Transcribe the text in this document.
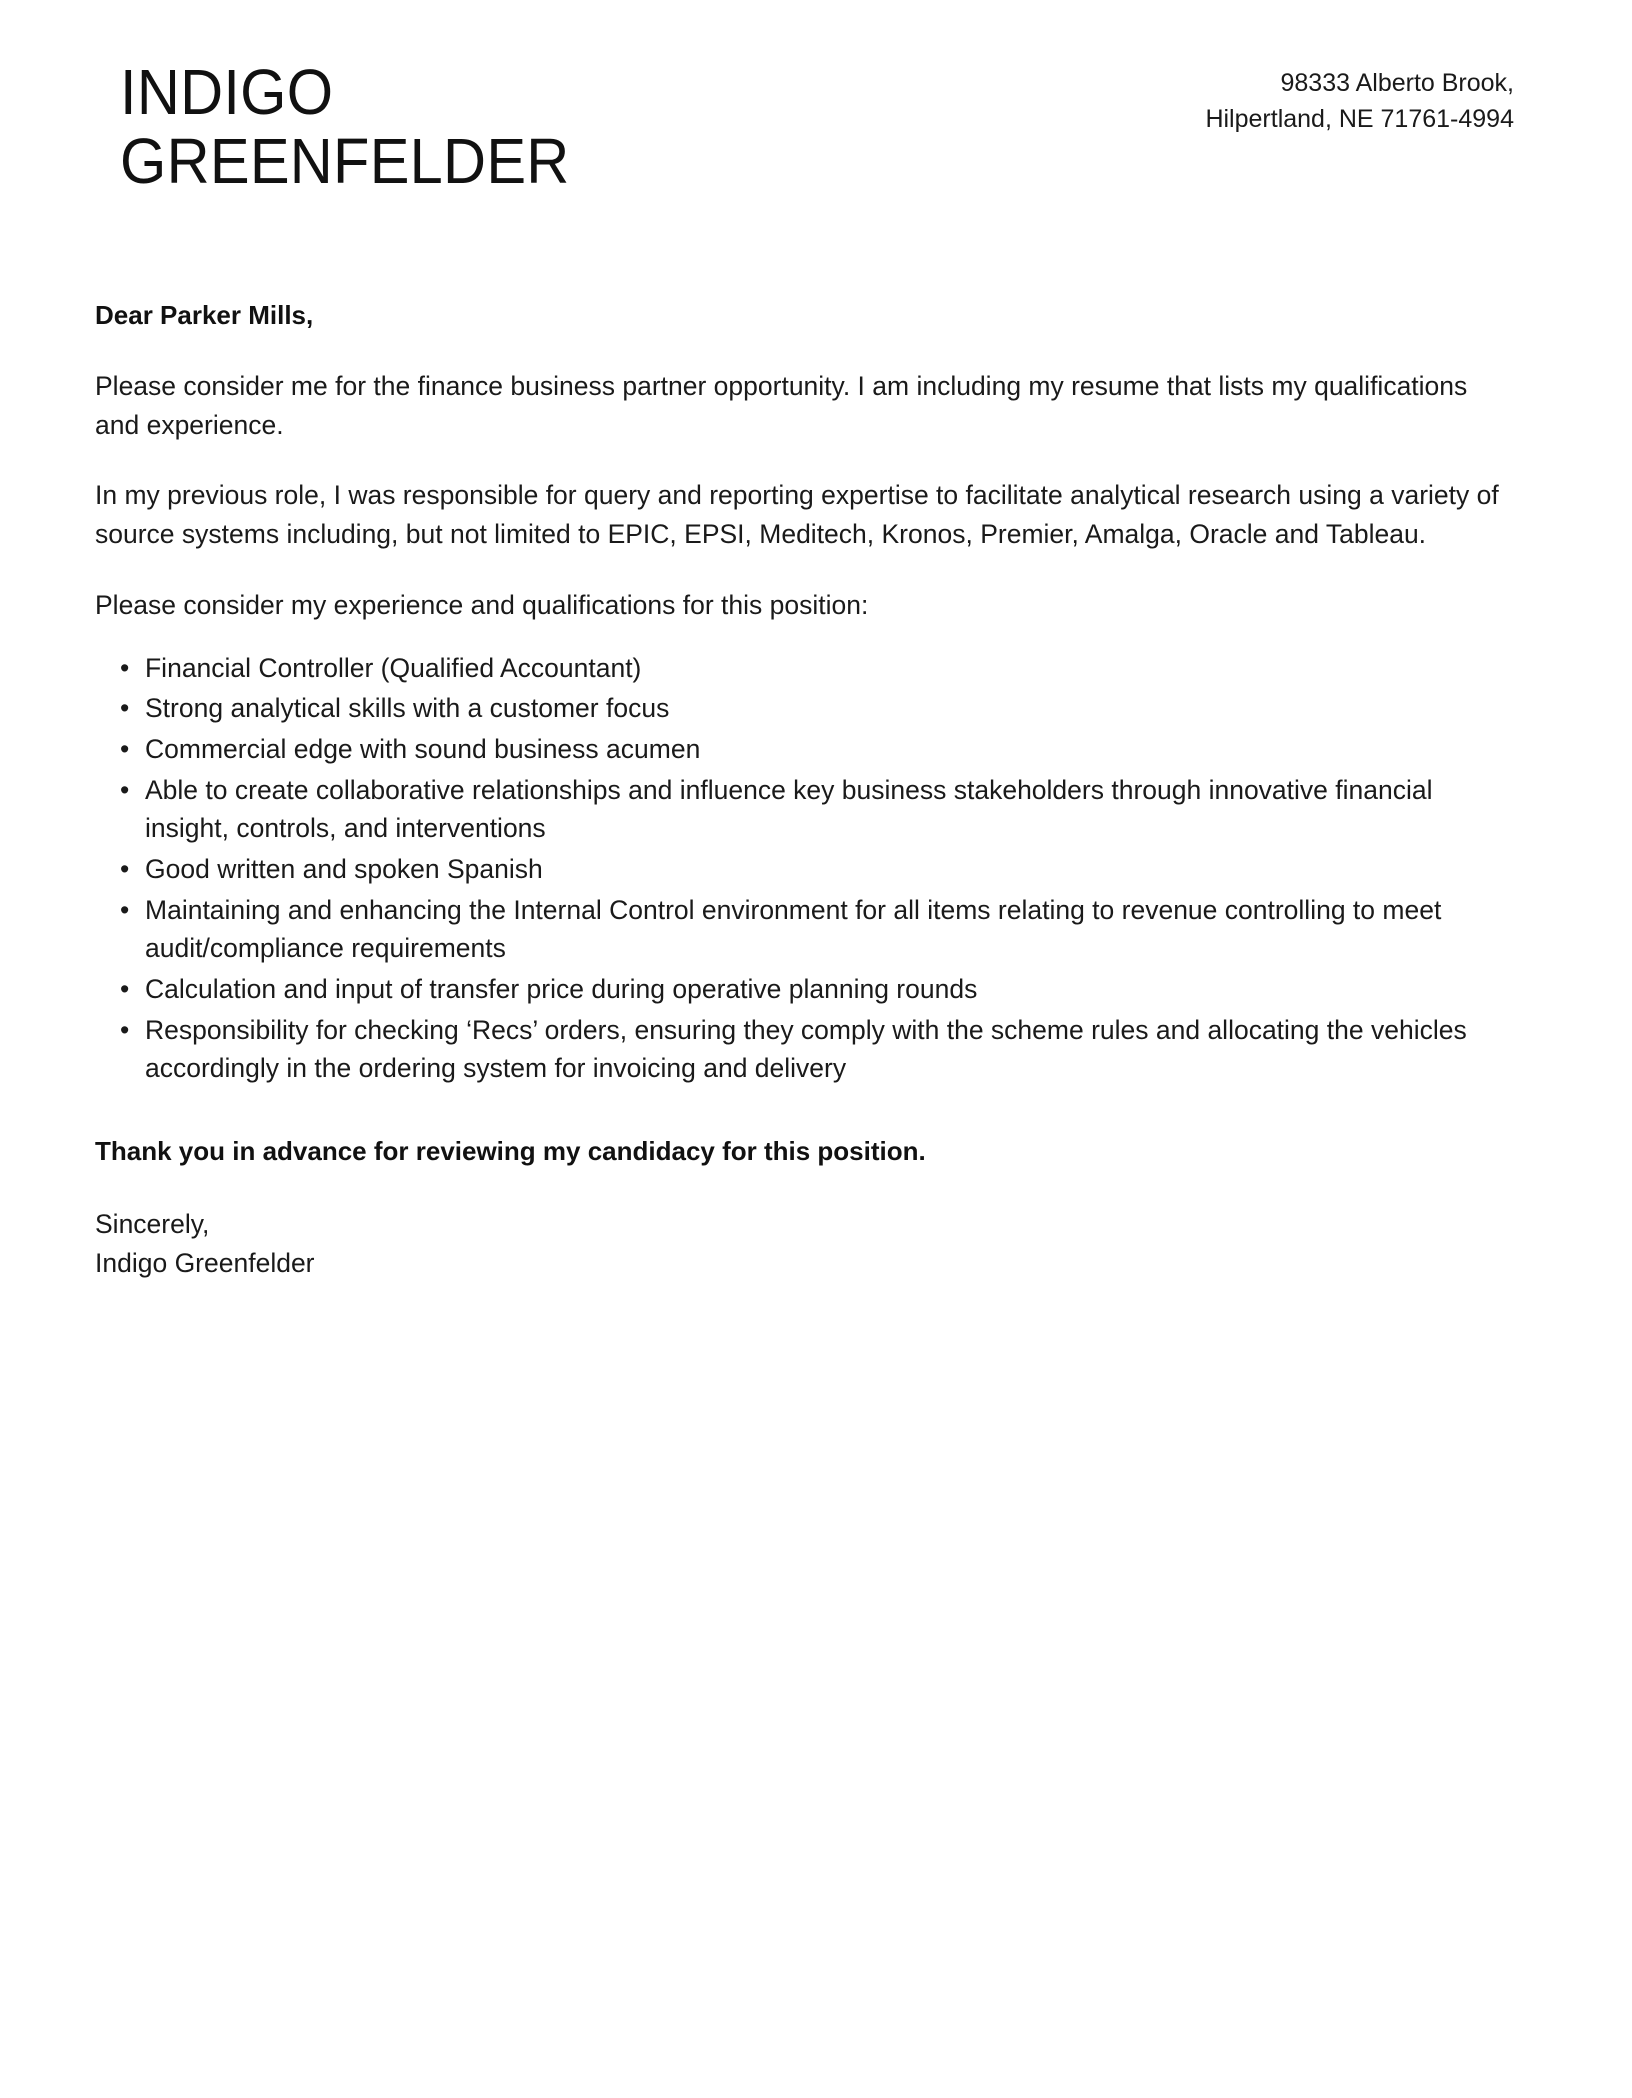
INDIGO
GREENFELDER
98333 Alberto Brook,
Hilpertland, NE 71761-4994

Dear Parker Mills,

Please consider me for the finance business partner opportunity. I am including my resume that lists my qualifications and experience.

In my previous role, I was responsible for query and reporting expertise to facilitate analytical research using a variety of source systems including, but not limited to EPIC, EPSI, Meditech, Kronos, Premier, Amalga, Oracle and Tableau.

Please consider my experience and qualifications for this position:

• Financial Controller (Qualified Accountant)
• Strong analytical skills with a customer focus
• Commercial edge with sound business acumen
• Able to create collaborative relationships and influence key business stakeholders through innovative financial insight, controls, and interventions
• Good written and spoken Spanish
• Maintaining and enhancing the Internal Control environment for all items relating to revenue controlling to meet audit/compliance requirements
• Calculation and input of transfer price during operative planning rounds
• Responsibility for checking ‘Recs’ orders, ensuring they comply with the scheme rules and allocating the vehicles accordingly in the ordering system for invoicing and delivery

Thank you in advance for reviewing my candidacy for this position.

Sincerely,
Indigo Greenfelder
